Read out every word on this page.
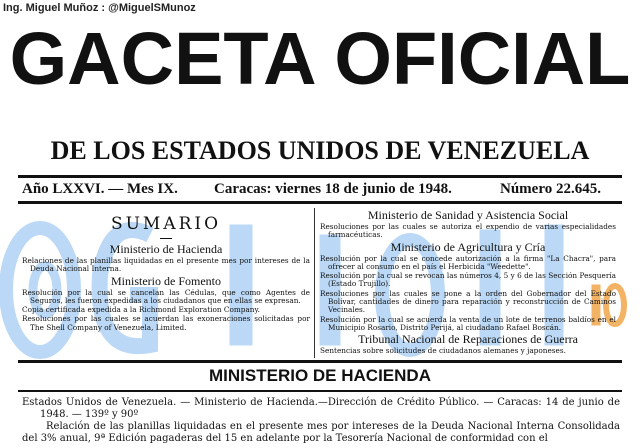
Ing. Miguel Muñoz : @MiguelSMunoz
GACETA OFICIAL
DE LOS ESTADOS UNIDOS DE VENEZUELA
Año LXXVI. — Mes IX. Caracas: viernes 18 de junio de 1948.	Número 22.645.
SUMARIO
Ministerio de Hacienda
Relaciones de las planillas liquidadas en el presente mes por intereses de la Deuda Nacional Interna.
Ministerio de Fomento
Resolución por la cual se cancelan las Cédulas, que como Agentes de Seguros, les fueron expedidas a los ciudadanos que en ellas se expresan.
Copia certificada expedida a la Richmond Exploration Company.
Resoluciones por las cuales se acuerdan las exoneraciones solicitadas por The Shell Company of Venezuela, Limited.
Ministerio de Sanidad y Asistencia Social
Resoluciones por las cuales se autoriza el expendio de varias especialidades farmacéuticas.
Ministerio de Agricultura y Cría
Resolución por la cual se concede autorización a la firma "La Chacra", para ofrecer al consumo en el país el Herbicida "Weedette".
Resolución por la cual se revocan las números 4, 5 y 6 de las Sección Pesquería (Estado Trujillo).
Resoluciones por las cuales se pone a la orden del Gobernador del Estado Bolívar, cantidades de dinero para reparación y reconstrucción de Caminos Vecinales.
Resolución por la cual se acuerda la venta de un lote de terrenos baldíos en el Municipio Rosario, Distrito Perijá, al ciudadano Rafael Boscán.
Tribunal Nacional de Reparaciones de Guerra
Sentencias sobre solicitudes de ciudadanos alemanes y japoneses.
MINISTERIO DE HACIENDA
Estados Unidos de Venezuela. — Ministerio de Hacienda.—Dirección de Crédito Público. — Caracas: 14 de junio de 1948. — 139º y 90º
Relación de las planillas liquidadas en el presente mes por intereses de la Deuda Nacional Interna Consolidada del 3% anual, 9ª Edición pagaderas del 15 en adelante por la Tesorería Nacional de conformidad con el
